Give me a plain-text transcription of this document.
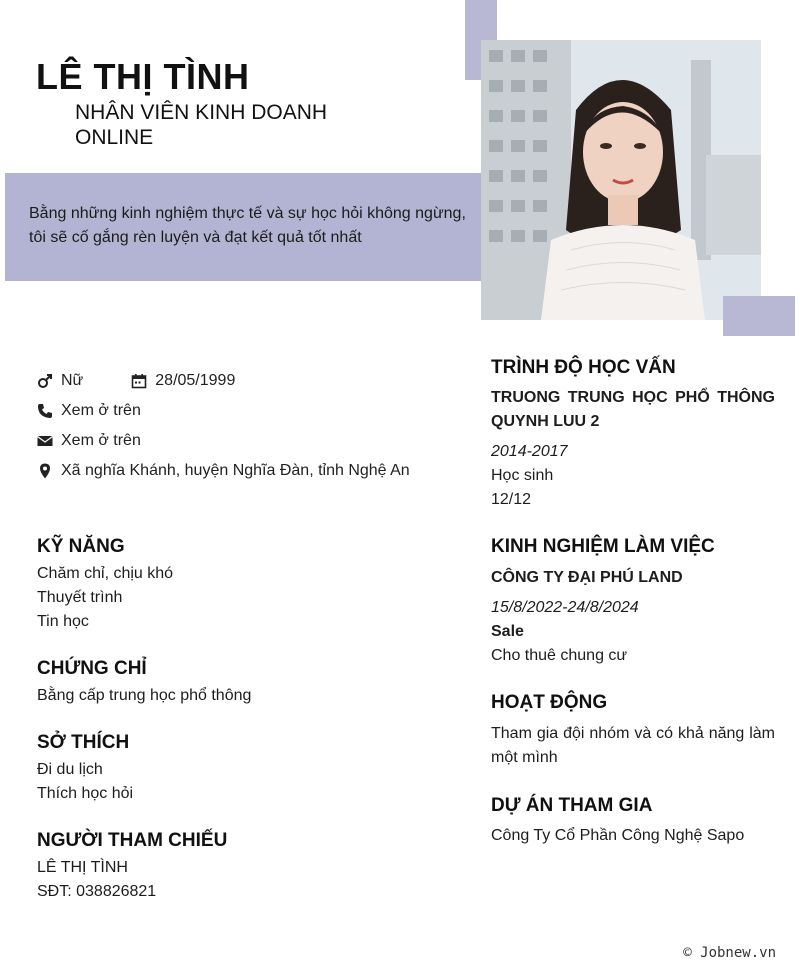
LÊ THỊ TÌNH
NHÂN VIÊN KINH DOANH ONLINE
Bằng những kinh nghiệm thực tế và sự học hỏi không ngừng, tôi sẽ cố gắng rèn luyện và đạt kết quả tốt nhất
Nữ	28/05/1999
Xem ở trên
Xem ở trên
Xã nghĩa Khánh, huyện Nghĩa Đàn, tỉnh Nghệ An
KỸ NĂNG
Chăm chỉ, chịu khó
Thuyết trình
Tin học
CHỨNG CHỈ
Bằng cấp trung học phổ thông
SỞ THÍCH
Đi du lịch
Thích học hỏi
NGƯỜI THAM CHIẾU
LÊ THỊ TÌNH
SĐT: 038826821
TRÌNH ĐỘ HỌC VẤN
TRUONG TRUNG HỌC PHỔ THÔNG QUYNH LUU 2
2014-2017
Học sinh
12/12
KINH NGHIỆM LÀM VIỆC
CÔNG TY ĐẠI PHÚ LAND
15/8/2022-24/8/2024
Sale
Cho thuê chung cư
HOẠT ĐỘNG
Tham gia đội nhóm và có khả năng làm một mình
DỰ ÁN THAM GIA
Công Ty Cổ Phần Công Nghệ Sapo
© Jobnew.vn
